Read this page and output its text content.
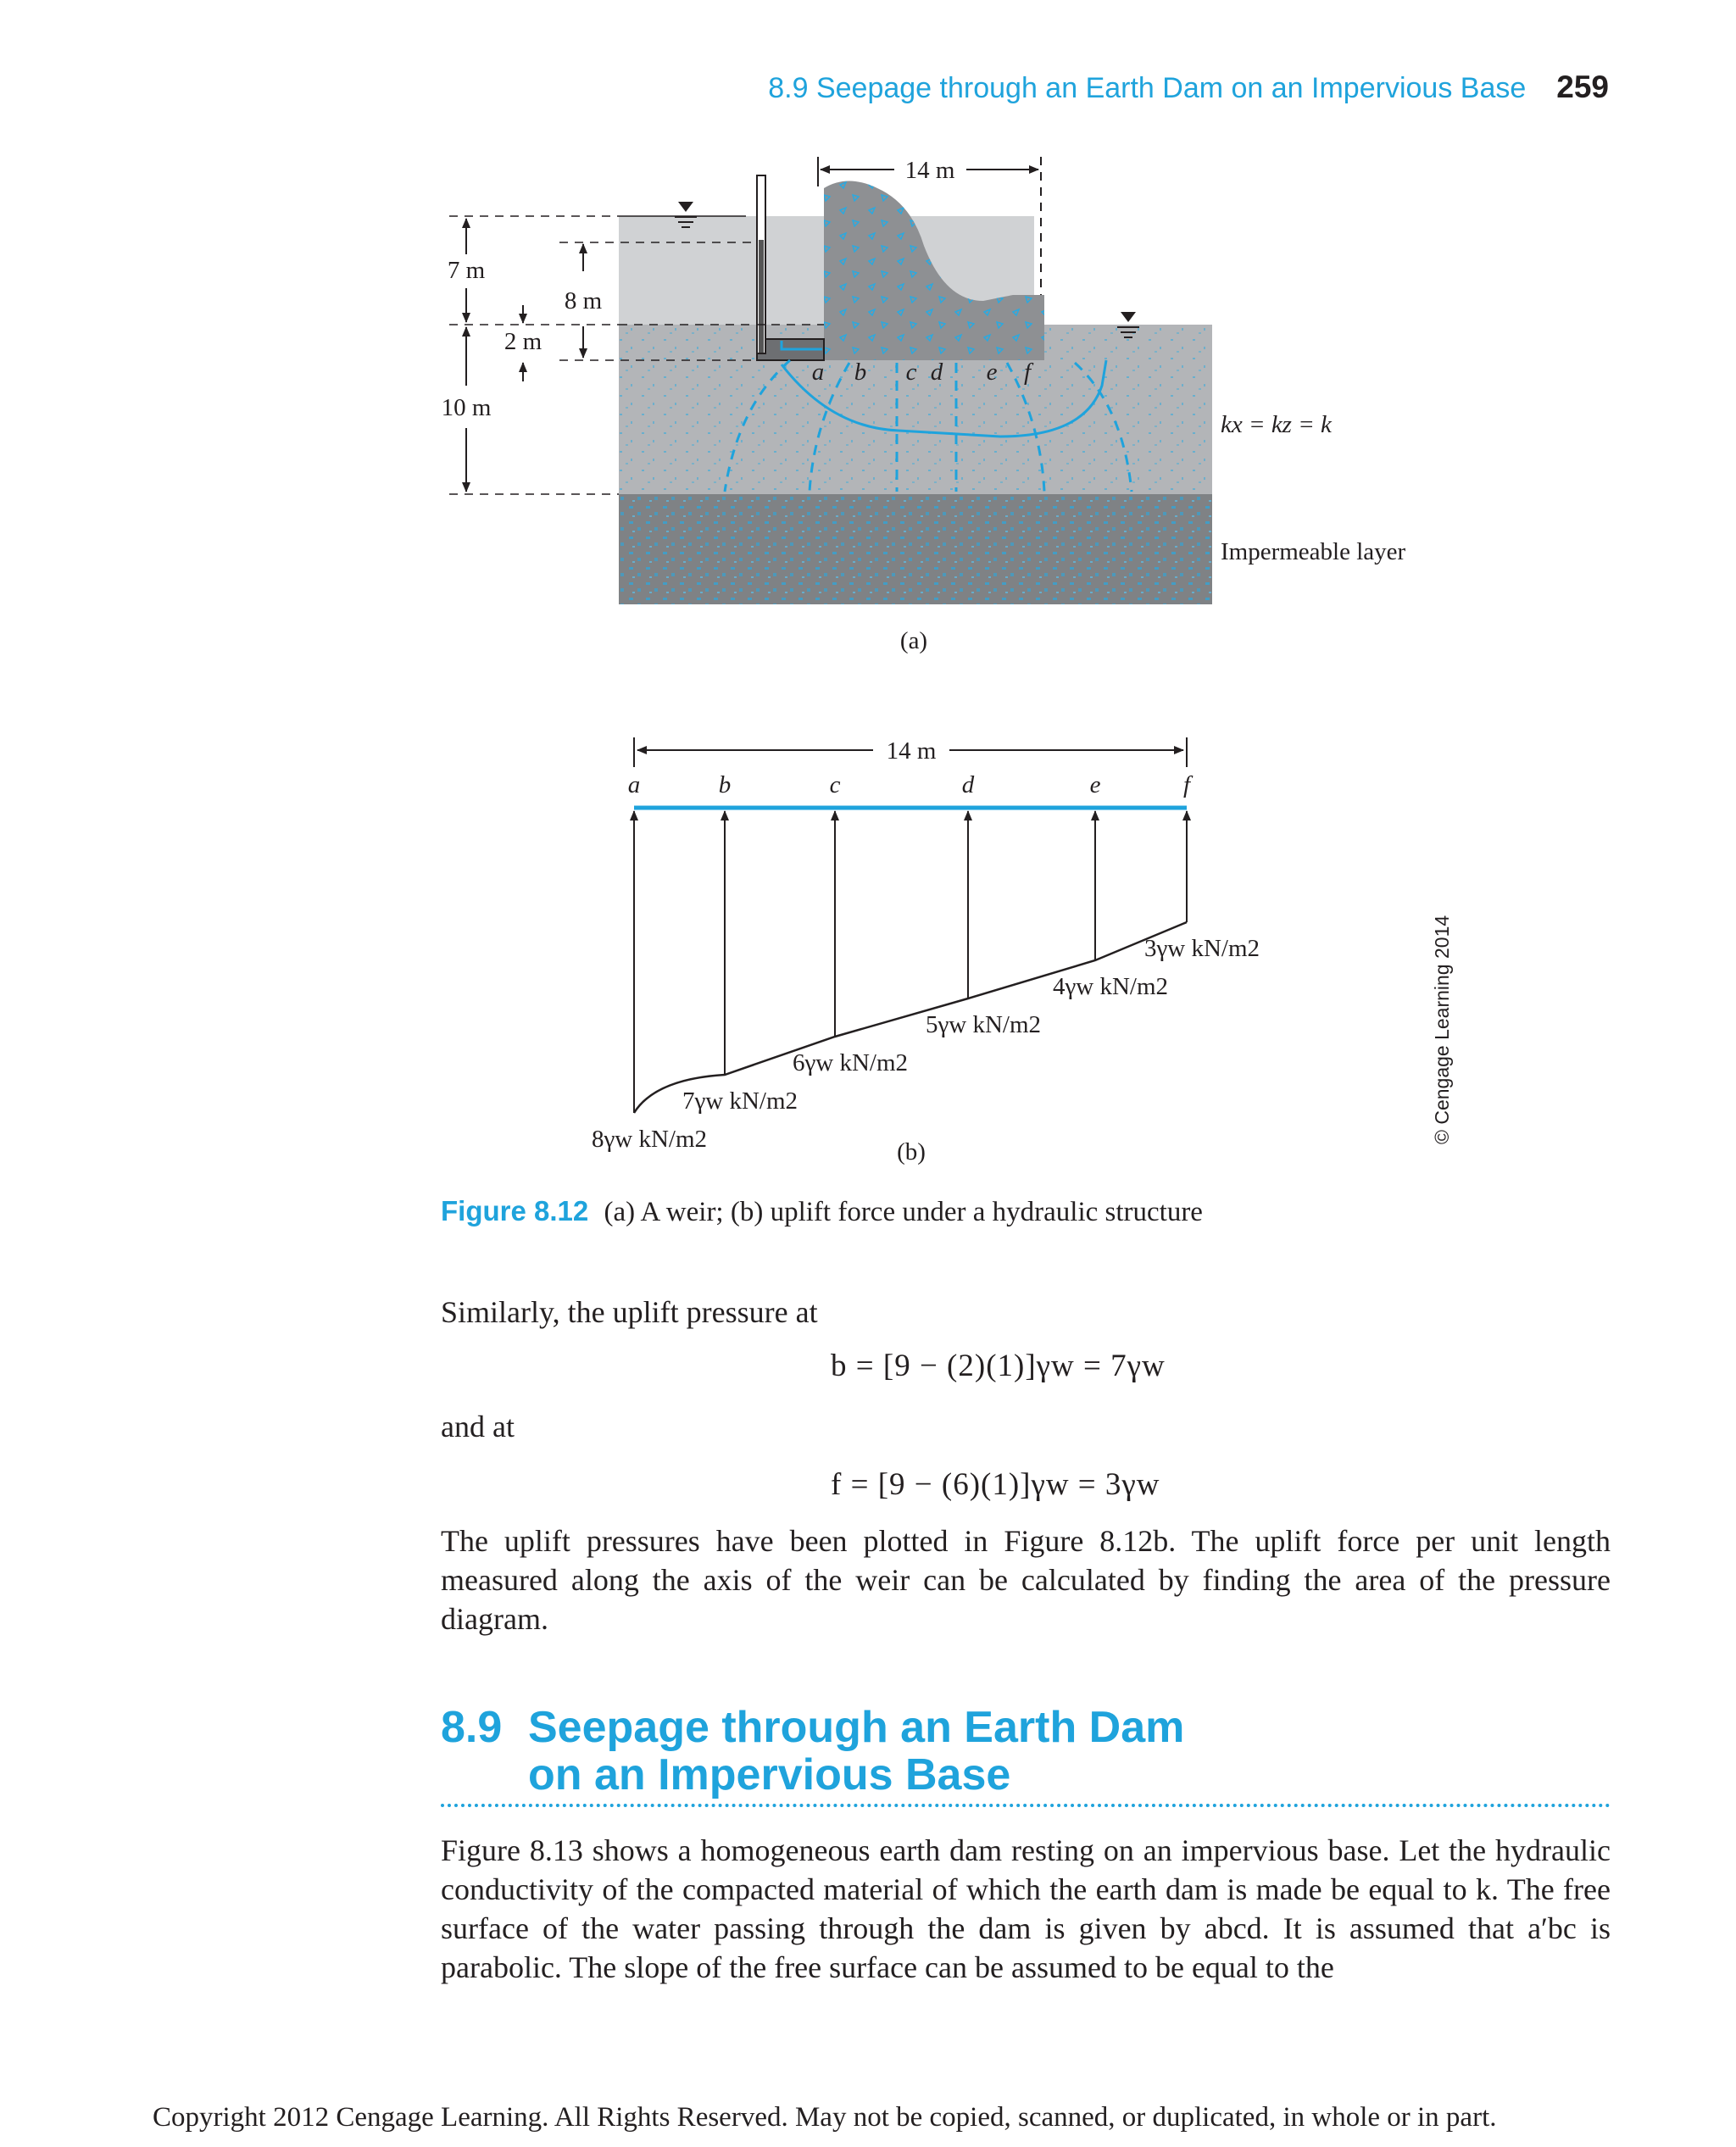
8.9 Seepage through an Earth Dam on an Impervious Base 259
14 m
7 m
10 m
8 m
2 m
a b c d e f
kx = kz = k
Impermeable layer
(a)
14 m
(b)
a
8γw kN/m2
b
7γw kN/m2
c
6γw kN/m2
d
5γw kN/m2
e
4γw kN/m2
f
3γw kN/m2	© Cengage Learning 2014
Figure 8.12 (a) A weir; (b) uplift force under a hydraulic structure
Similarly, the uplift pressure at
b = [9 − (2)(1)]γw = 7γw
and at
f = [9 − (6)(1)]γw = 3γw
The uplift pressures have been plotted in Figure 8.12b. The uplift force per unit length measured along the axis of the weir can be calculated by finding the area of the pressure diagram.
8.9 Seepage through an Earth Dam
on an Impervious Base
Figure 8.13 shows a homogeneous earth dam resting on an impervious base. Let the hydraulic conductivity of the compacted material of which the earth dam is made be equal to k. The free surface of the water passing through the dam is given by abcd. It is assumed that a′bc is parabolic. The slope of the free surface can be assumed to be equal to the
Copyright 2012 Cengage Learning. All Rights Reserved. May not be copied, scanned, or duplicated, in whole or in part.
